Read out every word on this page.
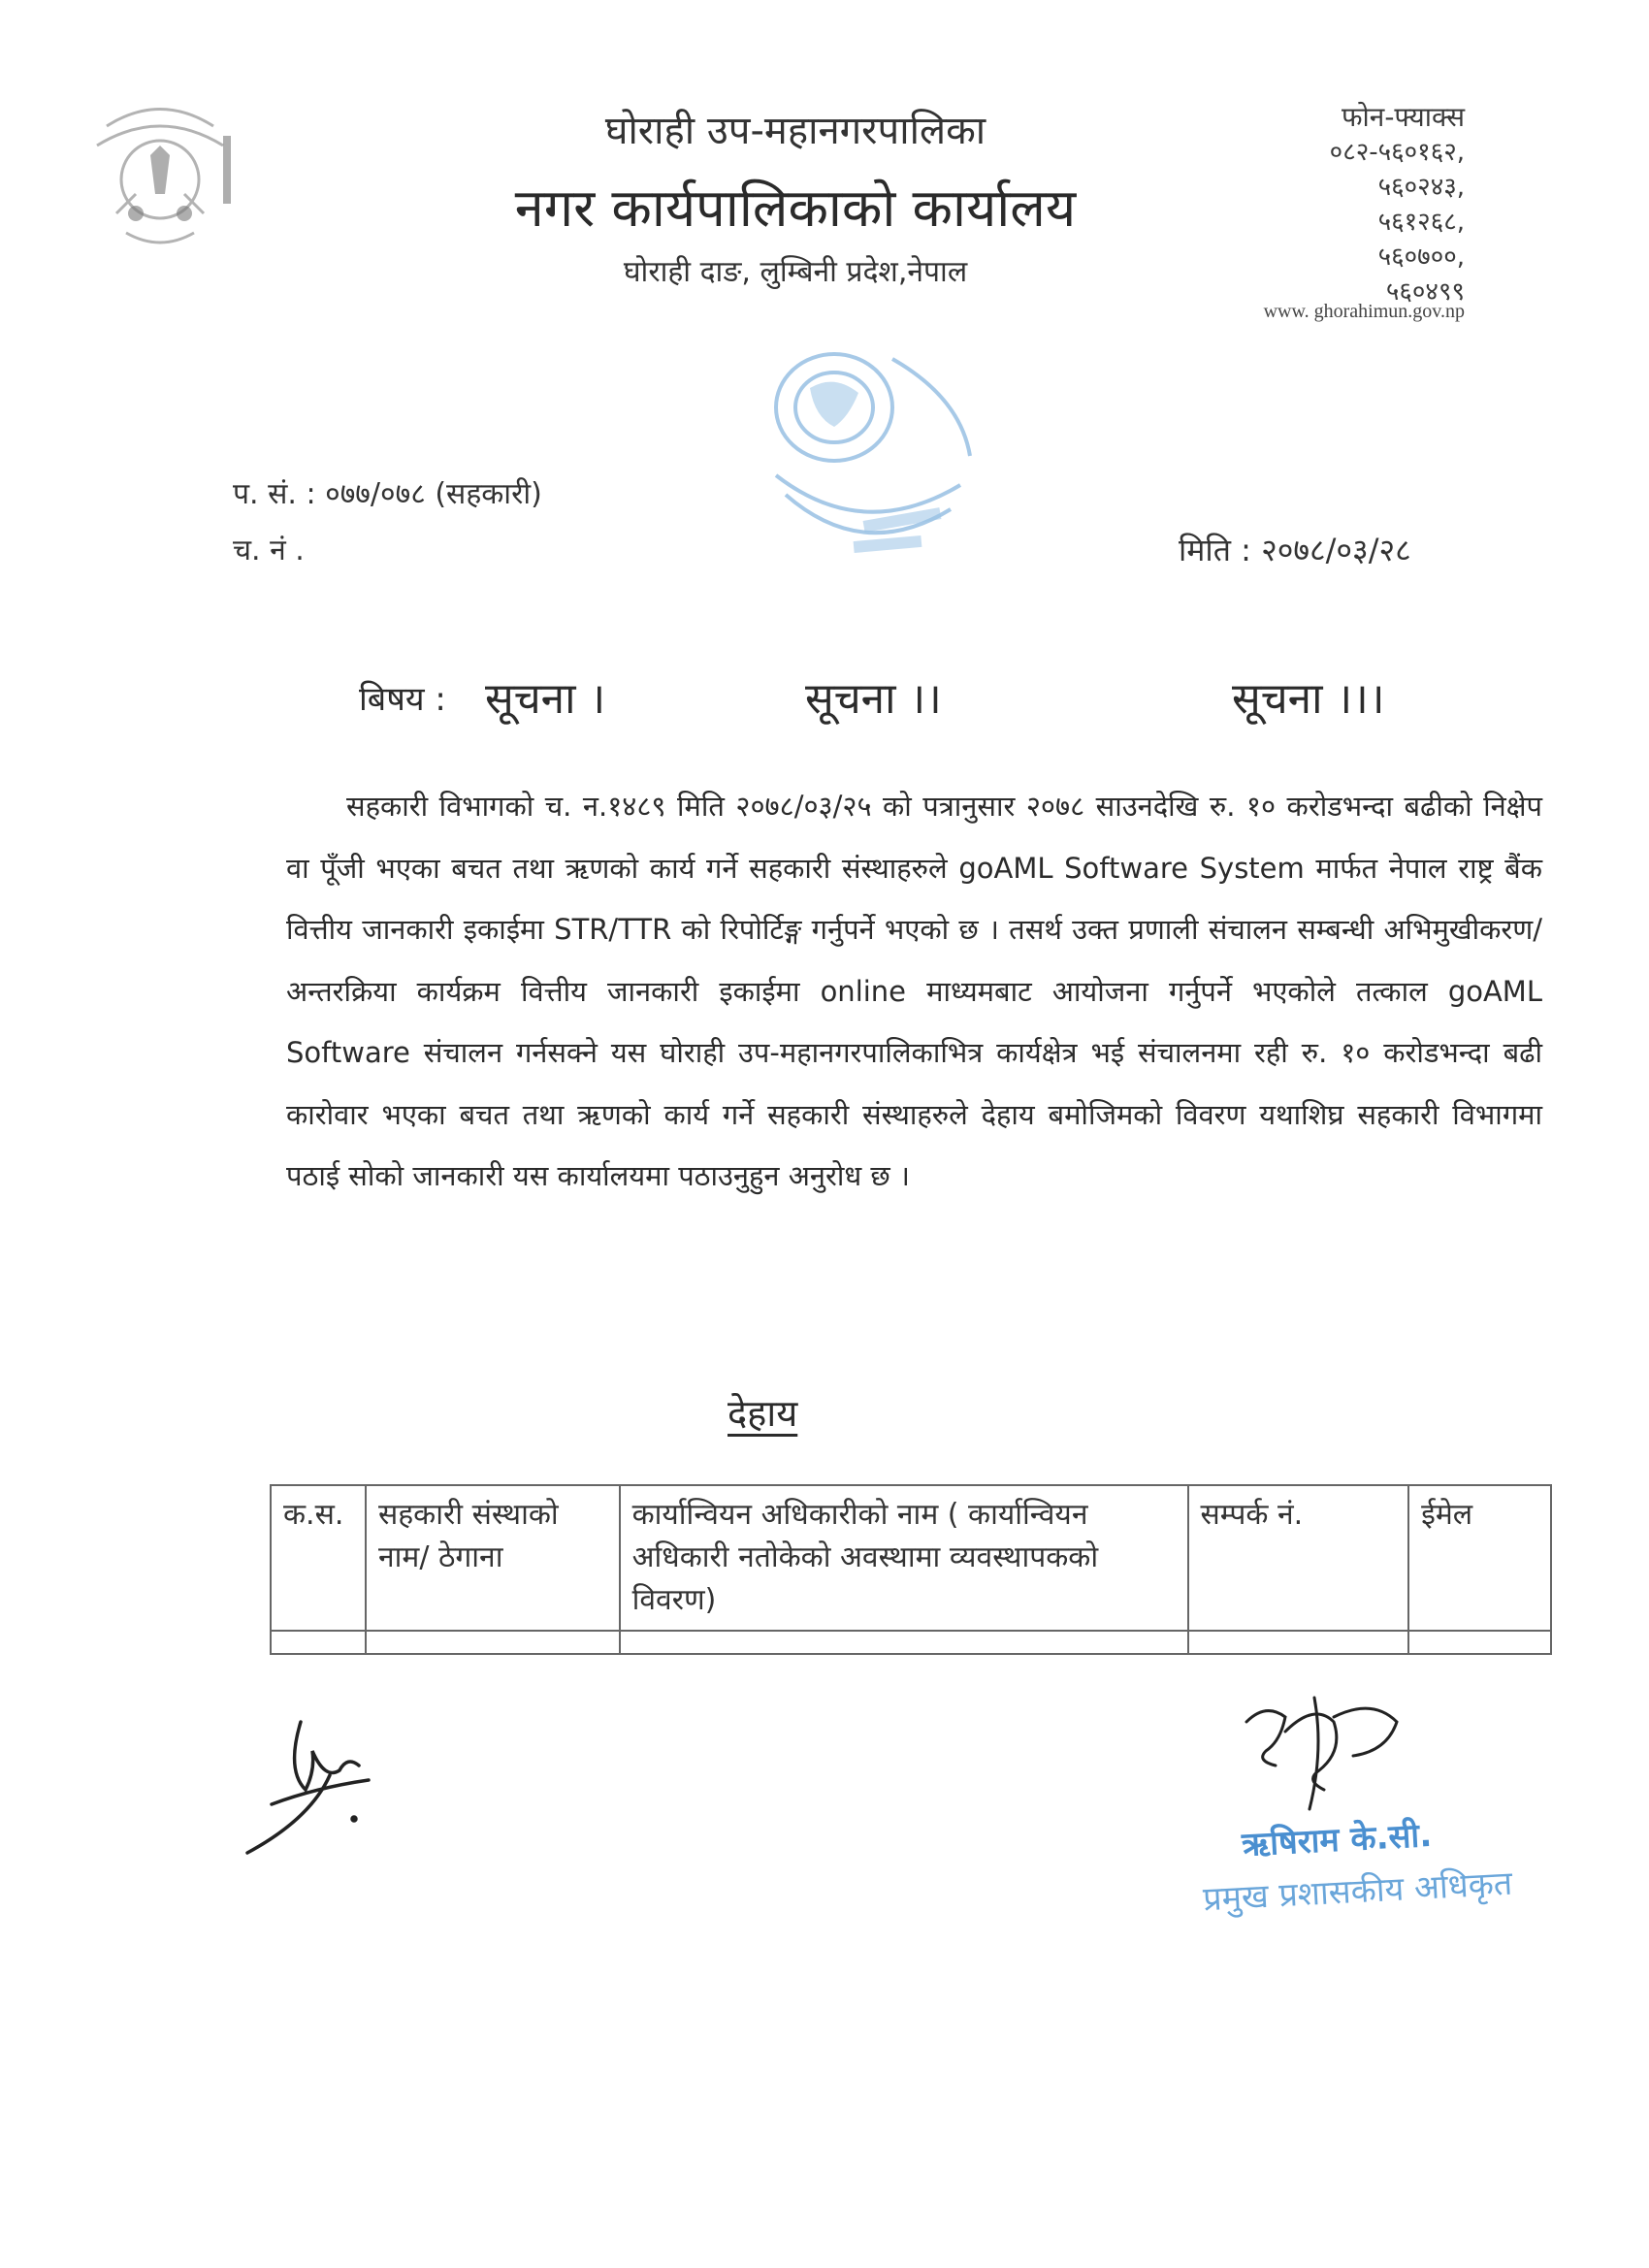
घोराही उप-महानगरपालिका
नगर कार्यपालिकाको कार्यालय
घोराही दाङ, लुम्बिनी प्रदेश,नेपाल
फोन-फ्याक्स
०८२-५६०१६२,
५६०२४३,
५६१२६८,
५६०७००,
५६०४९९
www. ghorahimun.gov.np
प. सं. : ०७७/०७८ (सहकारी)
च. नं .	मिति : २०७८/०३/२८
बिषय : सूचना ।	सूचना ।।	सूचना ।।।
सहकारी विभागको च. न.१४८९ मिति २०७८/०३/२५ को पत्रानुसार २०७८ साउनदेखि रु. १० करोडभन्दा बढीको निक्षेप वा पूँजी भएका बचत तथा ऋणको कार्य गर्ने सहकारी संस्थाहरुले goAML Software System मार्फत नेपाल राष्ट्र बैंक वित्तीय जानकारी इकाईमा STR/TTR को रिपोर्टिङ्ग गर्नुपर्ने भएको छ । तसर्थ उक्त प्रणाली संचालन सम्बन्धी अभिमुखीकरण/अन्तरक्रिया कार्यक्रम वित्तीय जानकारी इकाईमा online माध्यमबाट आयोजना गर्नुपर्ने भएकोले तत्काल goAML Software संचालन गर्नसक्ने यस घोराही उप-महानगरपालिकाभित्र कार्यक्षेत्र भई संचालनमा रही रु. १० करोडभन्दा बढी कारोवार भएका बचत तथा ऋणको कार्य गर्ने सहकारी संस्थाहरुले देहाय बमोजिमको विवरण यथाशिघ्र सहकारी विभागमा पठाई सोको जानकारी यस कार्यालयमा पठाउनुहुन अनुरोध छ ।
देहाय
क.स.	सहकारी संस्थाको नाम/ ठेगाना	कार्यान्वियन अधिकारीको नाम ( कार्यान्वियन अधिकारी नतोकेको अवस्थामा व्यवस्थापकको विवरण)	सम्पर्क नं.	ईमेल

ऋषिराम के.सी.
प्रमुख प्रशासकीय अधिकृत
